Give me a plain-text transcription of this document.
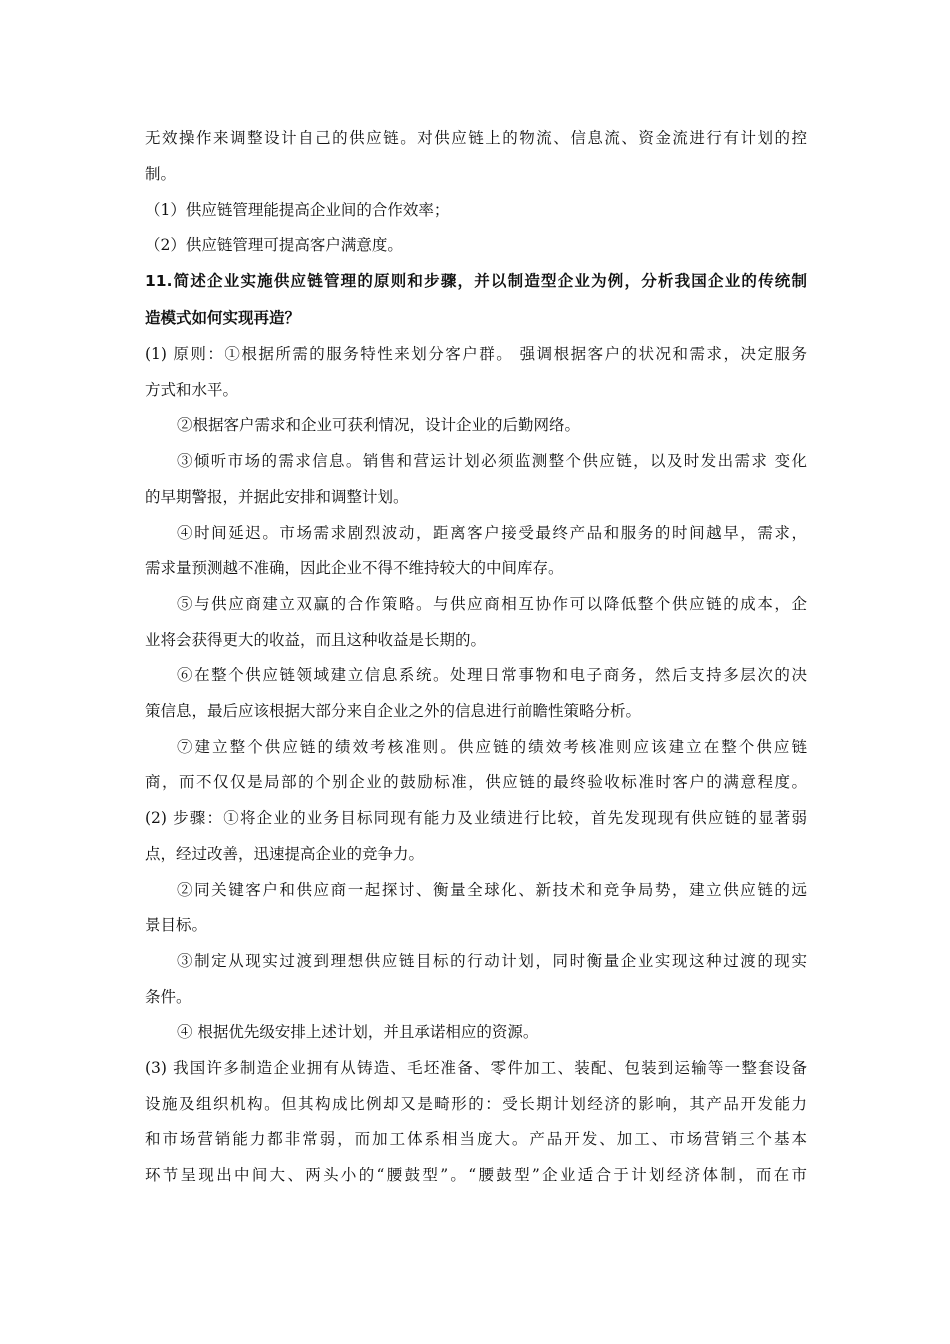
无效操作来调整设计自己的供应链。对供应链上的物流、信息流、资金流进行有计划的控
制。
（1）供应链管理能提高企业间的合作效率；
（2）供应链管理可提高客户满意度。
11.简述企业实施供应链管理的原则和步骤，并以制造型企业为例，分析我国企业的传统制
造模式如何实现再造？
(1) 原则：①根据所需的服务特性来划分客户群。 强调根据客户的状况和需求，决定服务
方式和水平。
②根据客户需求和企业可获利情况，设计企业的后勤网络。
③倾听市场的需求信息。销售和营运计划必须监测整个供应链，以及时发出需求 变化
的早期警报，并据此安排和调整计划。
④时间延迟。市场需求剧烈波动，距离客户接受最终产品和服务的时间越早，需求，
需求量预测越不准确，因此企业不得不维持较大的中间库存。
⑤与供应商建立双赢的合作策略。与供应商相互协作可以降低整个供应链的成本，企
业将会获得更大的收益，而且这种收益是长期的。
⑥在整个供应链领域建立信息系统。处理日常事物和电子商务，然后支持多层次的决
策信息，最后应该根据大部分来自企业之外的信息进行前瞻性策略分析。
⑦建立整个供应链的绩效考核准则。供应链的绩效考核准则应该建立在整个供应链
商，而不仅仅是局部的个别企业的鼓励标准，供应链的最终验收标准时客户的满意程度。
(2) 步骤：①将企业的业务目标同现有能力及业绩进行比较，首先发现现有供应链的显著弱
点，经过改善，迅速提高企业的竞争力。
②同关键客户和供应商一起探讨、衡量全球化、新技术和竞争局势，建立供应链的远
景目标。
③制定从现实过渡到理想供应链目标的行动计划，同时衡量企业实现这种过渡的现实
条件。
④ 根据优先级安排上述计划，并且承诺相应的资源。
(3) 我国许多制造企业拥有从铸造、毛坯准备、零件加工、装配、包装到运输等一整套设备
设施及组织机构。但其构成比例却又是畸形的：受长期计划经济的影响，其产品开发能力
和市场营销能力都非常弱，而加工体系相当庞大。产品开发、加工、市场营销三个基本
环节呈现出中间大、两头小的“腰鼓型”。“腰鼓型”企业适合于计划经济体制，而在市
